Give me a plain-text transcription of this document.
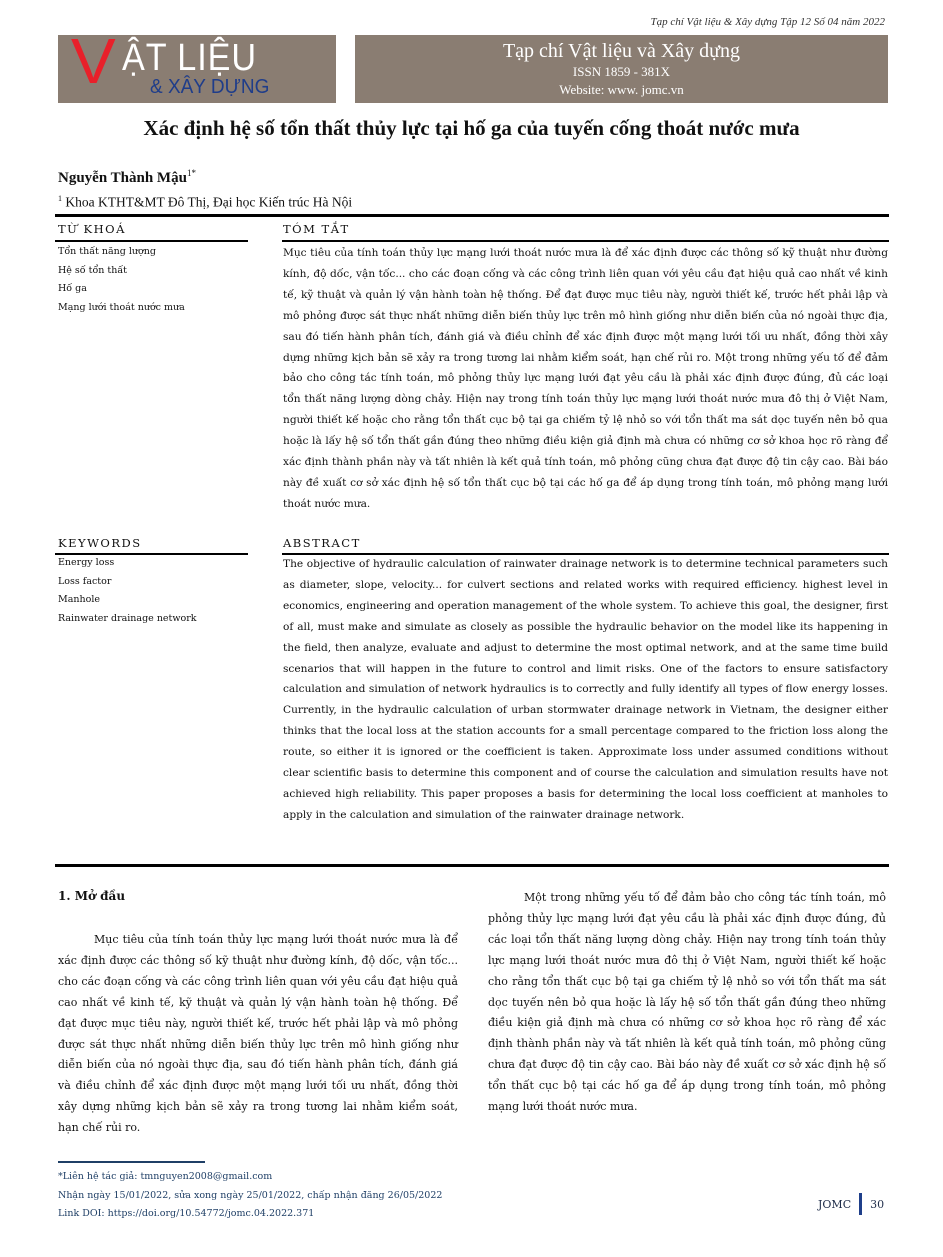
Tạp chí Vật liệu & Xây dựng Tập 12 Số 04 năm 2022
V ẬT LIỆU
& XÂY DỰNG
Tạp chí Vật liệu và Xây dựng
ISSN 1859 - 381X
Website: www. jomc.vn
Xác định hệ số tổn thất thủy lực tại hố ga của tuyến cống thoát nước mưa
Nguyễn Thành Mậu$^{1*}$
$^1$ Khoa KTHT&MT Đô Thị, Đại học Kiến trúc Hà Nội
TỪ KHOÁ
Tổn thất năng lượng
Hệ số tổn thất
Hố ga
Mạng lưới thoát nước mưa
TÓM TẮT
Mục tiêu của tính toán thủy lực mạng lưới thoát nước mưa là để xác định được các thông số kỹ thuật như đường kính, độ dốc, vận tốc... cho các đoạn cống và các công trình liên quan với yêu cầu đạt hiệu quả cao nhất về kinh tế, kỹ thuật và quản lý vận hành toàn hệ thống. Để đạt được mục tiêu này, người thiết kế, trước hết phải lập và mô phỏng được sát thực nhất những diễn biến thủy lực trên mô hình giống như diễn biến của nó ngoài thực địa, sau đó tiến hành phân tích, đánh giá và điều chỉnh để xác định được một mạng lưới tối ưu nhất, đồng thời xây dựng những kịch bản sẽ xảy ra trong tương lai nhằm kiểm soát, hạn chế rủi ro. Một trong những yếu tố để đảm bảo cho công tác tính toán, mô phỏng thủy lực mạng lưới đạt yêu cầu là phải xác định được đúng, đủ các loại tổn thất năng lượng dòng chảy. Hiện nay trong tính toán thủy lực mạng lưới thoát nước mưa đô thị ở Việt Nam, người thiết kế hoặc cho rằng tổn thất cục bộ tại ga chiếm tỷ lệ nhỏ so với tổn thất ma sát dọc tuyến nên bỏ qua hoặc là lấy hệ số tổn thất gần đúng theo những điều kiện giả định mà chưa có những cơ sở khoa học rõ ràng để xác định thành phần này và tất nhiên là kết quả tính toán, mô phỏng cũng chưa đạt được độ tin cậy cao. Bài báo này đề xuất cơ sở xác định hệ số tổn thất cục bộ tại các hố ga để áp dụng trong tính toán, mô phỏng mạng lưới thoát nước mưa.
KEYWORDS
Energy loss
Loss factor
Manhole
Rainwater drainage network
ABSTRACT
The objective of hydraulic calculation of rainwater drainage network is to determine technical parameters such as diameter, slope, velocity... for culvert sections and related works with required efficiency. highest level in economics, engineering and operation management of the whole system. To achieve this goal, the designer, first of all, must make and simulate as closely as possible the hydraulic behavior on the model like its happening in the field, then analyze, evaluate and adjust to determine the most optimal network, and at the same time build scenarios that will happen in the future to control and limit risks. One of the factors to ensure satisfactory calculation and simulation of network hydraulics is to correctly and fully identify all types of flow energy losses. Currently, in the hydraulic calculation of urban stormwater drainage network in Vietnam, the designer either thinks that the local loss at the station accounts for a small percentage compared to the friction loss along the route, so either it is ignored or the coefficient is taken. Approximate loss under assumed conditions without clear scientific basis to determine this component and of course the calculation and simulation results have not achieved high reliability. This paper proposes a basis for determining the local loss coefficient at manholes to apply in the calculation and simulation of the rainwater drainage network.
1. Mở đầu
Mục tiêu của tính toán thủy lực mạng lưới thoát nước mưa là để xác định được các thông số kỹ thuật như đường kính, độ dốc, vận tốc... cho các đoạn cống và các công trình liên quan với yêu cầu đạt hiệu quả cao nhất về kinh tế, kỹ thuật và quản lý vận hành toàn hệ thống. Để đạt được mục tiêu này, người thiết kế, trước hết phải lập và mô phỏng được sát thực nhất những diễn biến thủy lực trên mô hình giống như diễn biến của nó ngoài thực địa, sau đó tiến hành phân tích, đánh giá và điều chỉnh để xác định được một mạng lưới tối ưu nhất, đồng thời xây dựng những kịch bản sẽ xảy ra trong tương lai nhằm kiểm soát, hạn chế rủi ro.
Một trong những yếu tố để đảm bảo cho công tác tính toán, mô phỏng thủy lực mạng lưới đạt yêu cầu là phải xác định được đúng, đủ các loại tổn thất năng lượng dòng chảy. Hiện nay trong tính toán thủy lực mạng lưới thoát nước mưa đô thị ở Việt Nam, người thiết kế hoặc cho rằng tổn thất cục bộ tại ga chiếm tỷ lệ nhỏ so với tổn thất ma sát dọc tuyến nên bỏ qua hoặc là lấy hệ số tổn thất gần đúng theo những điều kiện giả định mà chưa có những cơ sở khoa học rõ ràng để xác định thành phần này và tất nhiên là kết quả tính toán, mô phỏng cũng chưa đạt được độ tin cậy cao. Bài báo này đề xuất cơ sở xác định hệ số tổn thất cục bộ tại các hố ga để áp dụng trong tính toán, mô phỏng mạng lưới thoát nước mưa.
*Liên hệ tác giả: tmnguyen2008@gmail.com
Nhận ngày 15/01/2022, sửa xong ngày 25/01/2022, chấp nhận đăng 26/05/2022
Link DOI: https://doi.org/10.54772/jomc.04.2022.371
JOMC 30
